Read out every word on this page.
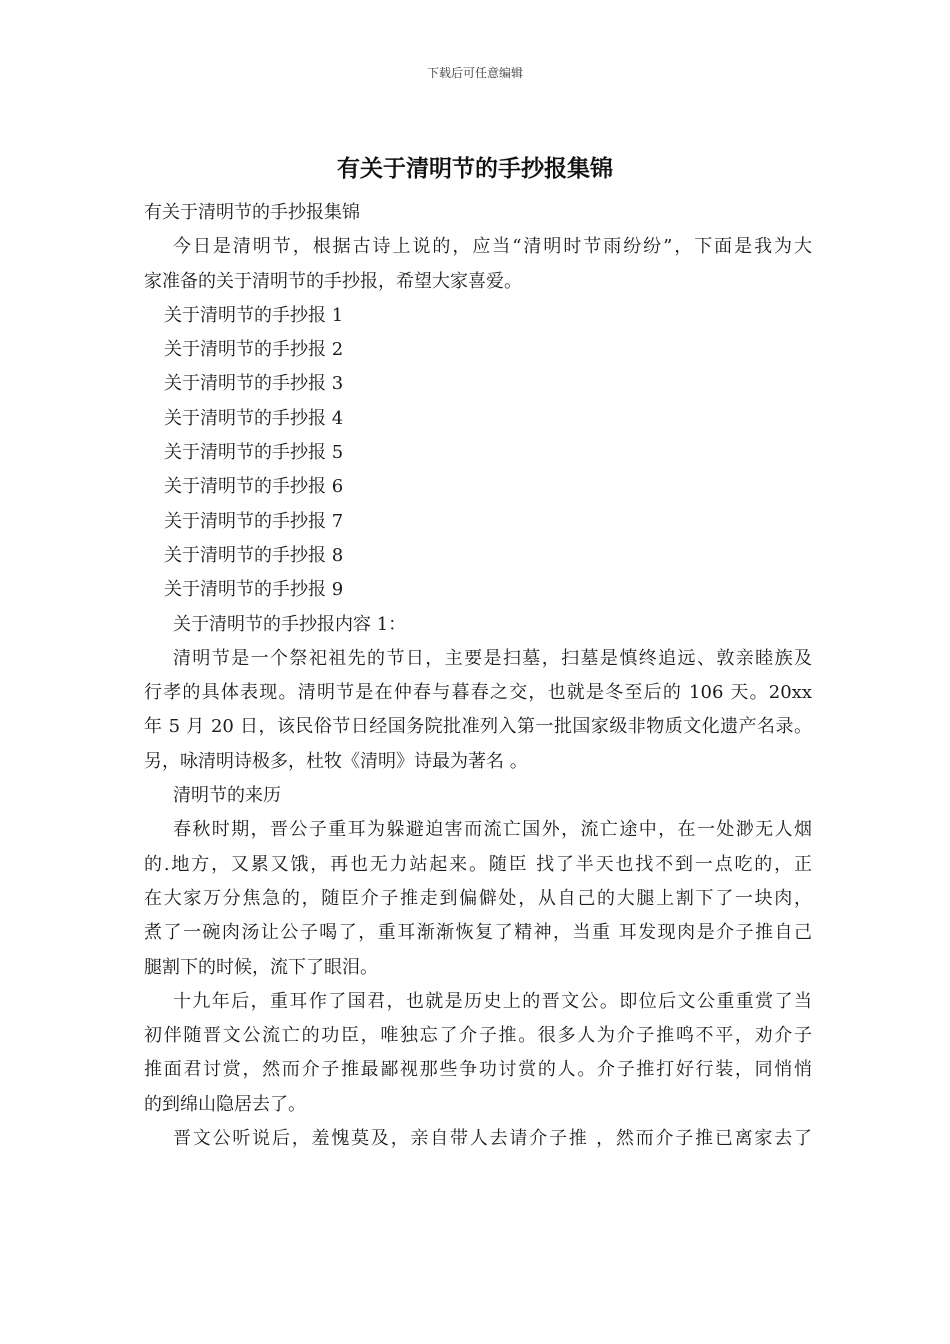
下载后可任意编辑
有关于清明节的手抄报集锦

有关于清明节的手抄报集锦

今日是清明节，根据古诗上说的，应当“清明时节雨纷纷”，下面是我为大

家准备的关于清明节的手抄报，希望大家喜爱。

关于清明节的手抄报 1

关于清明节的手抄报 2

关于清明节的手抄报 3

关于清明节的手抄报 4

关于清明节的手抄报 5

关于清明节的手抄报 6

关于清明节的手抄报 7

关于清明节的手抄报 8

关于清明节的手抄报 9

关于清明节的手抄报内容 1：

清明节是一个祭祀祖先的节日，主要是扫墓，扫墓是慎终追远、敦亲睦族及

行孝的具体表现。清明节是在仲春与暮春之交，也就是冬至后的 106 天。20xx

年 5 月 20 日，该民俗节日经国务院批准列入第一批国家级非物质文化遗产名录。

另，咏清明诗极多，杜牧《清明》诗最为著名 。

清明节的来历

春秋时期，晋公子重耳为躲避迫害而流亡国外，流亡途中，在一处渺无人烟

的.地方，又累又饿，再也无力站起来。随臣 找了半天也找不到一点吃的，正

在大家万分焦急的，随臣介子推走到偏僻处，从自己的大腿上割下了一块肉，

煮了一碗肉汤让公子喝了，重耳渐渐恢复了精神，当重 耳发现肉是介子推自己

腿割下的时候，流下了眼泪。

十九年后，重耳作了国君，也就是历史上的晋文公。即位后文公重重赏了当

初伴随晋文公流亡的功臣，唯独忘了介子推。很多人为介子推鸣不平，劝介子

推面君讨赏，然而介子推最鄙视那些争功讨赏的人。介子推打好行装，同悄悄

的到绵山隐居去了。

晋文公听说后，羞愧莫及，亲自带人去请介子推 ，然而介子推已离家去了
